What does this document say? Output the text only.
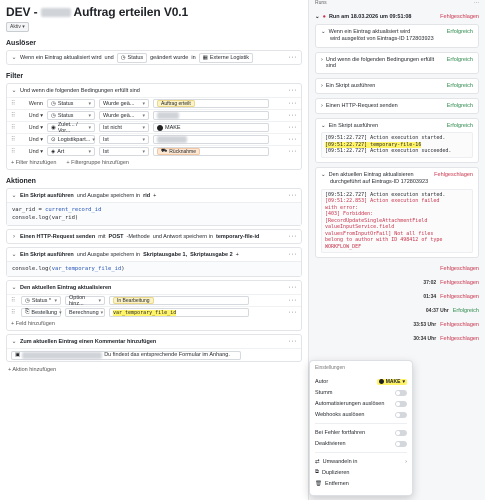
DEV -	Auftrag erteilen V0.1
Aktiv ▾
Auslöser
⌄ Wenn ein Eintrag aktualisiert wird und ◷ Status geändert wurde in ▦ Externe Logistik	···
Filter
⌄ Und wenn die folgenden Bedingungen erfüllt sind	···
⠿	Wenn ◷ Status	▾ Wurde geä... ▾	Auftrag erteilt	···
⠿	Und ▾ ◷ Status	▾ Wurde geä... ▾	···
⠿	Und ▾ ◉ Zulet... / Vor...	▾ Ist nicht	▾	MAKE	···
⠿	Und ▾ ⊙ Logistikpart... ▾ Ist	▾	···
⠿	Und ▾ ◈ Art	▾ Ist	▾	⛟ Rücknahme	···
+ Filter hinzufügen + Filtergruppe hinzufügen
Aktionen
⌄ Ein Skript ausführen und Ausgabe speichern in rid +	···
var_rid = current_record_id
console.log(var_rid)
› Einen HTTP-Request senden mit POST -Methode und Antwort speichern in temporary-file-id	···
⌄ Ein Skript ausführen und Ausgabe speichern in Skriptausgabe 1, Skriptausgabe 2 +	···
console.log(var_temporary_file_id)
⌄ Den aktuellen Eintrag aktualisieren	···
⠿ ◷ Status * ▾ Option hinz...	▾	In Bearbeitung	···
⠿ ⎘ Bestellung ▾ Berechnung ▾ var_temporary_file_id	···
+ Feld hinzufügen
⌄ Zum aktuellen Eintrag einen Kommentar hinzufügen	···
▣	Du findest das entsprechende Formular im Anhang.
+ Aktion hinzufügen
Runs	···
⌄ ● Run am 18.03.2026 um 09:51:08	Fehlgeschlagen
⌄ Wenn ein Eintrag aktualisiert wird	Erfolgreich
wird ausgelöst von Eintrags-ID 172803923
› Und wenn die folgenden Bedingungen erfüllt sind
Erfolgreich
› Ein Skript ausführen	Erfolgreich
› Einen HTTP-Request senden	Erfolgreich
⌄ Ein Skript ausführen	Erfolgreich
[09:51:22.727] Action execution started.
[09:51:22.727] temporary-file-16
[09:51:22.727] Action execution succeeded.
⌄ Den aktuellen Eintrag aktualisieren	Fehlgeschlagen
durchgeführt auf Eintrags-ID 172803923
[09:51:22.727] Action execution started.
[09:51:22.853] Action execution failed
with error:
[403] Forbidden:
[RecordUpdateSingleAttachmentField
valueInputService.field
valuesFromInputOrFail] Not all files
belong to author with ID 498412 of type
WORKFLOW_DEF
Fehlgeschlagen
37:02 Fehlgeschlagen
01:34 Fehlgeschlagen
04:37 Uhr Erfolgreich
33:53 Uhr Fehlgeschlagen
30:34 Uhr Fehlgeschlagen
Einstellungen
Autor	MAKE ▾
Stumm
Automatisierungen auslösen
Webhooks auslösen
Bei Fehler fortfahren
Deaktivieren
⇄ Umwandeln in	›
⧉ Duplizieren
🗑 Entfernen
